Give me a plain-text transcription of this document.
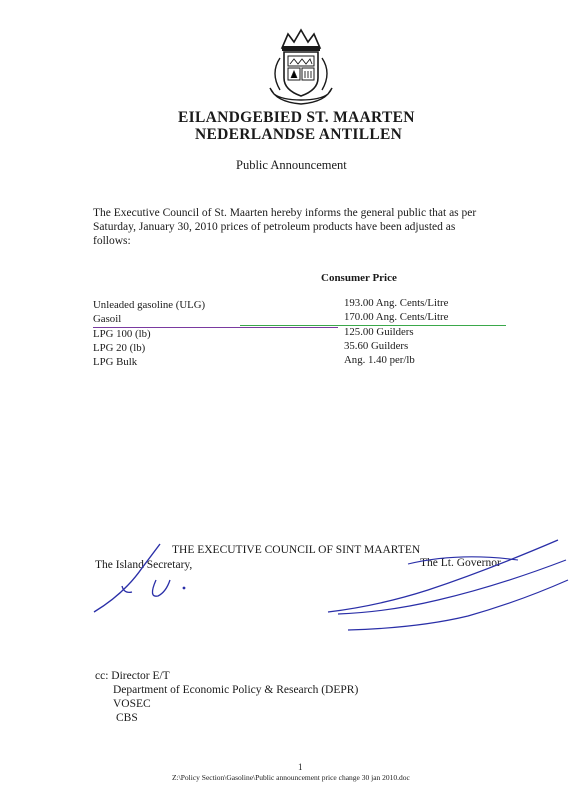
EILANDGEBIED ST. MAARTEN
NEDERLANDSE ANTILLEN
Public Announcement
The Executive Council of St. Maarten hereby informs the general public that as per
Saturday, January 30, 2010 prices of petroleum products have been adjusted as
follows:
Consumer Price
Unleaded gasoline (ULG)	193.00 Ang. Cents/Litre
Gasoil	170.00 Ang. Cents/Litre
LPG 100 (lb)	125.00 Guilders
LPG 20 (lb)	35.60 Guilders
LPG Bulk	Ang. 1.40 per/lb
THE EXECUTIVE COUNCIL OF SINT MAARTEN
The Island Secretary,	The Lt. Governor
cc: Director E/T
Department of Economic Policy & Research (DEPR)
VOSEC
CBS
1
Z:\Policy Section\Gasoline\Public announcement price change 30 jan 2010.doc
